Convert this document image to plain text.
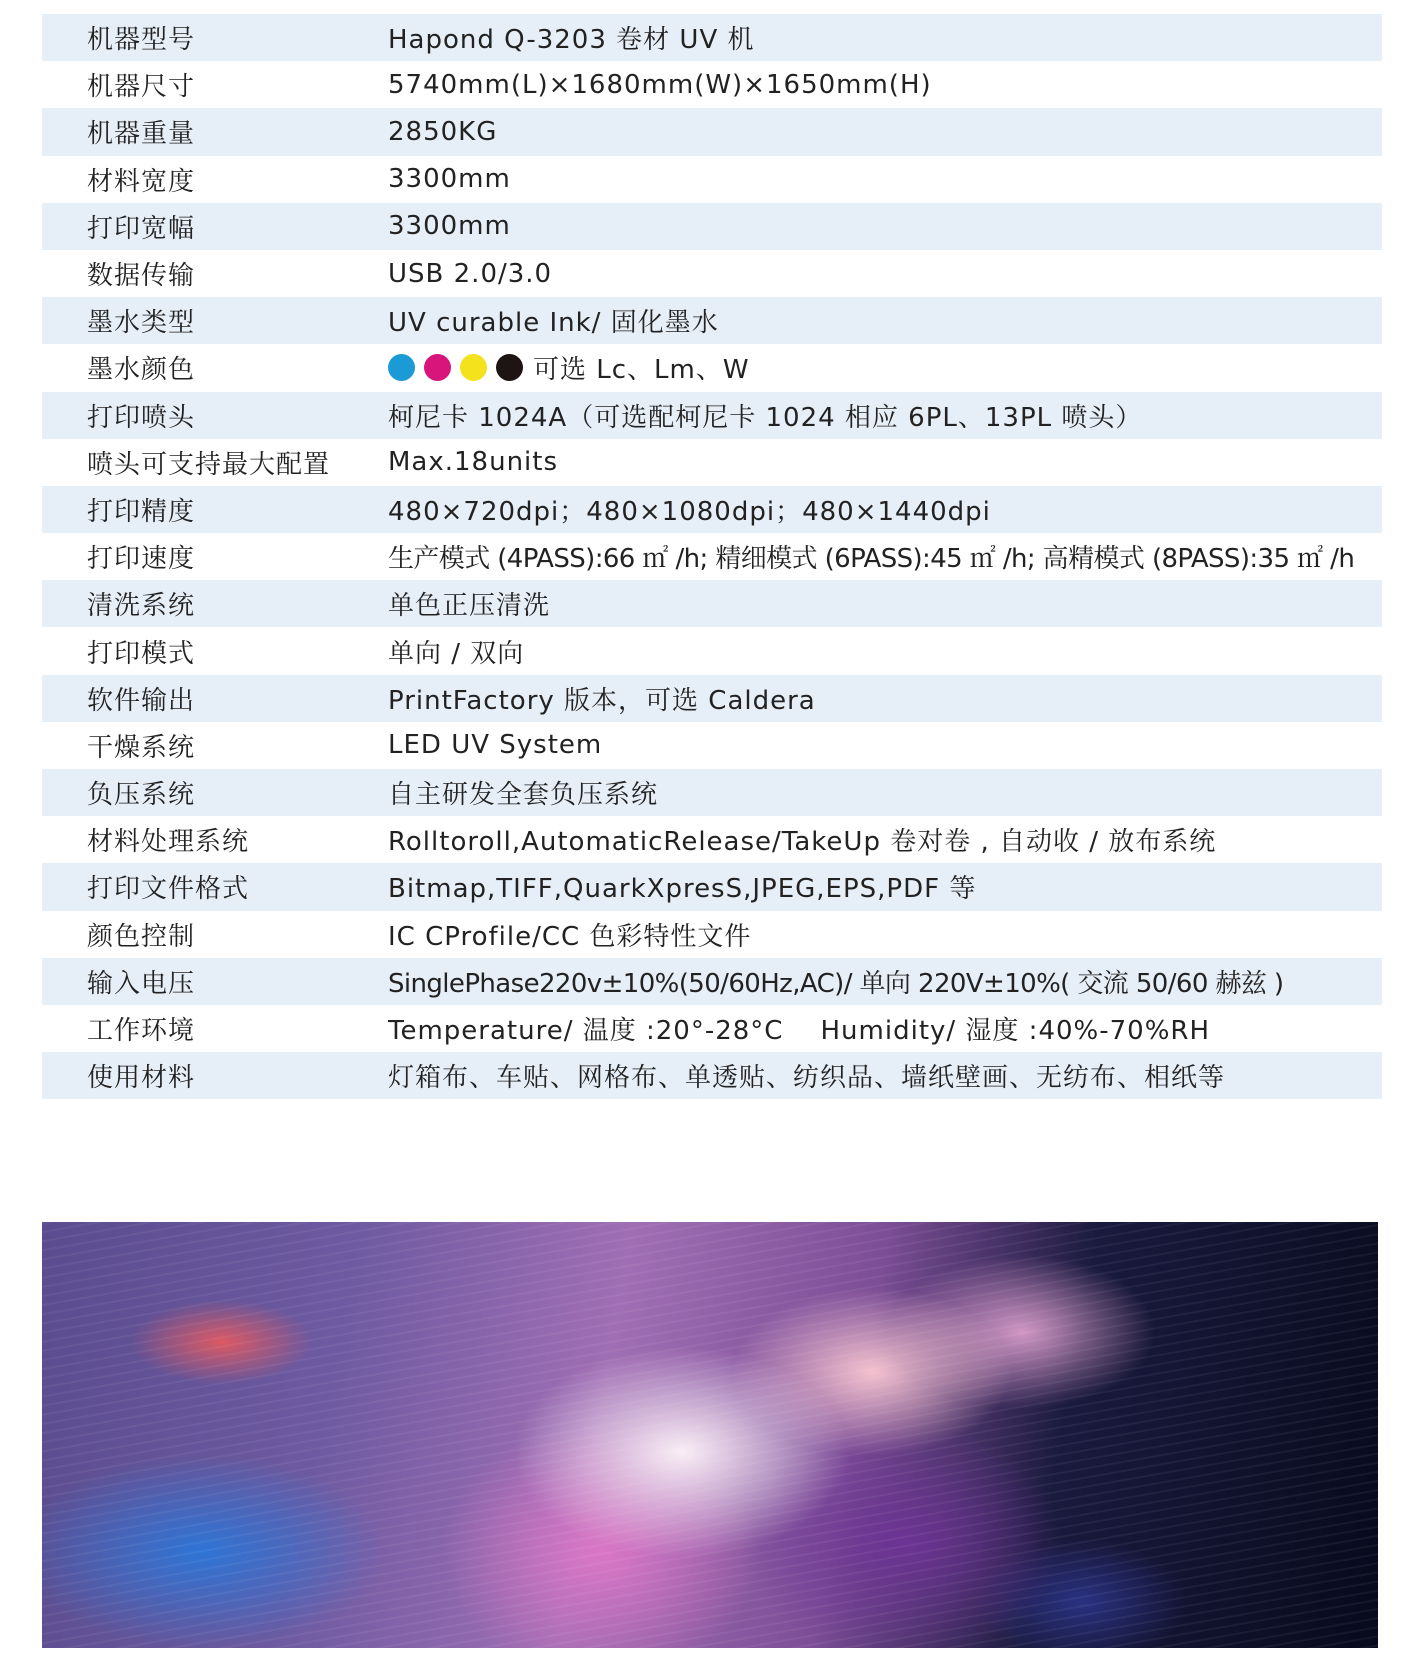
机器型号	Hapond Q-3203 卷材 UV 机
机器尺寸	5740mm(L)×1680mm(W)×1650mm(H)
机器重量	2850KG
材料宽度	3300mm
打印宽幅	3300mm
数据传输	USB 2.0/3.0
墨水类型	UV curable Ink/ 固化墨水
墨水颜色	可选 Lc、Lm、W
打印喷头	柯尼卡 1024A（可选配柯尼卡 1024 相应 6PL、13PL 喷头）
喷头可支持最大配置	Max.18units
打印精度	480×720dpi；480×1080dpi；480×1440dpi
打印速度	生产模式 (4PASS):66 ㎡ /h; 精细模式 (6PASS):45 ㎡ /h; 高精模式 (8PASS):35 ㎡ /h
清洗系统	单色正压清洗
打印模式	单向 / 双向
软件输出	PrintFactory 版本，可选 Caldera
干燥系统	LED UV System
负压系统	自主研发全套负压系统
材料处理系统	Rolltoroll,AutomaticRelease/TakeUp 卷对卷 , 自动收 / 放布系统
打印文件格式	Bitmap,TIFF,QuarkXpresS,JPEG,EPS,PDF 等
颜色控制	IC CProfile/CC 色彩特性文件
输入电压	SinglePhase220v±10%(50/60Hz,AC)/ 单向 220V±10%( 交流 50/60 赫兹 )
工作环境	Temperature/ 温度 :20°-28°C    Humidity/ 湿度 :40%-70%RH
使用材料	灯箱布、车贴、网格布、单透贴、纺织品、墙纸壁画、无纺布、相纸等
